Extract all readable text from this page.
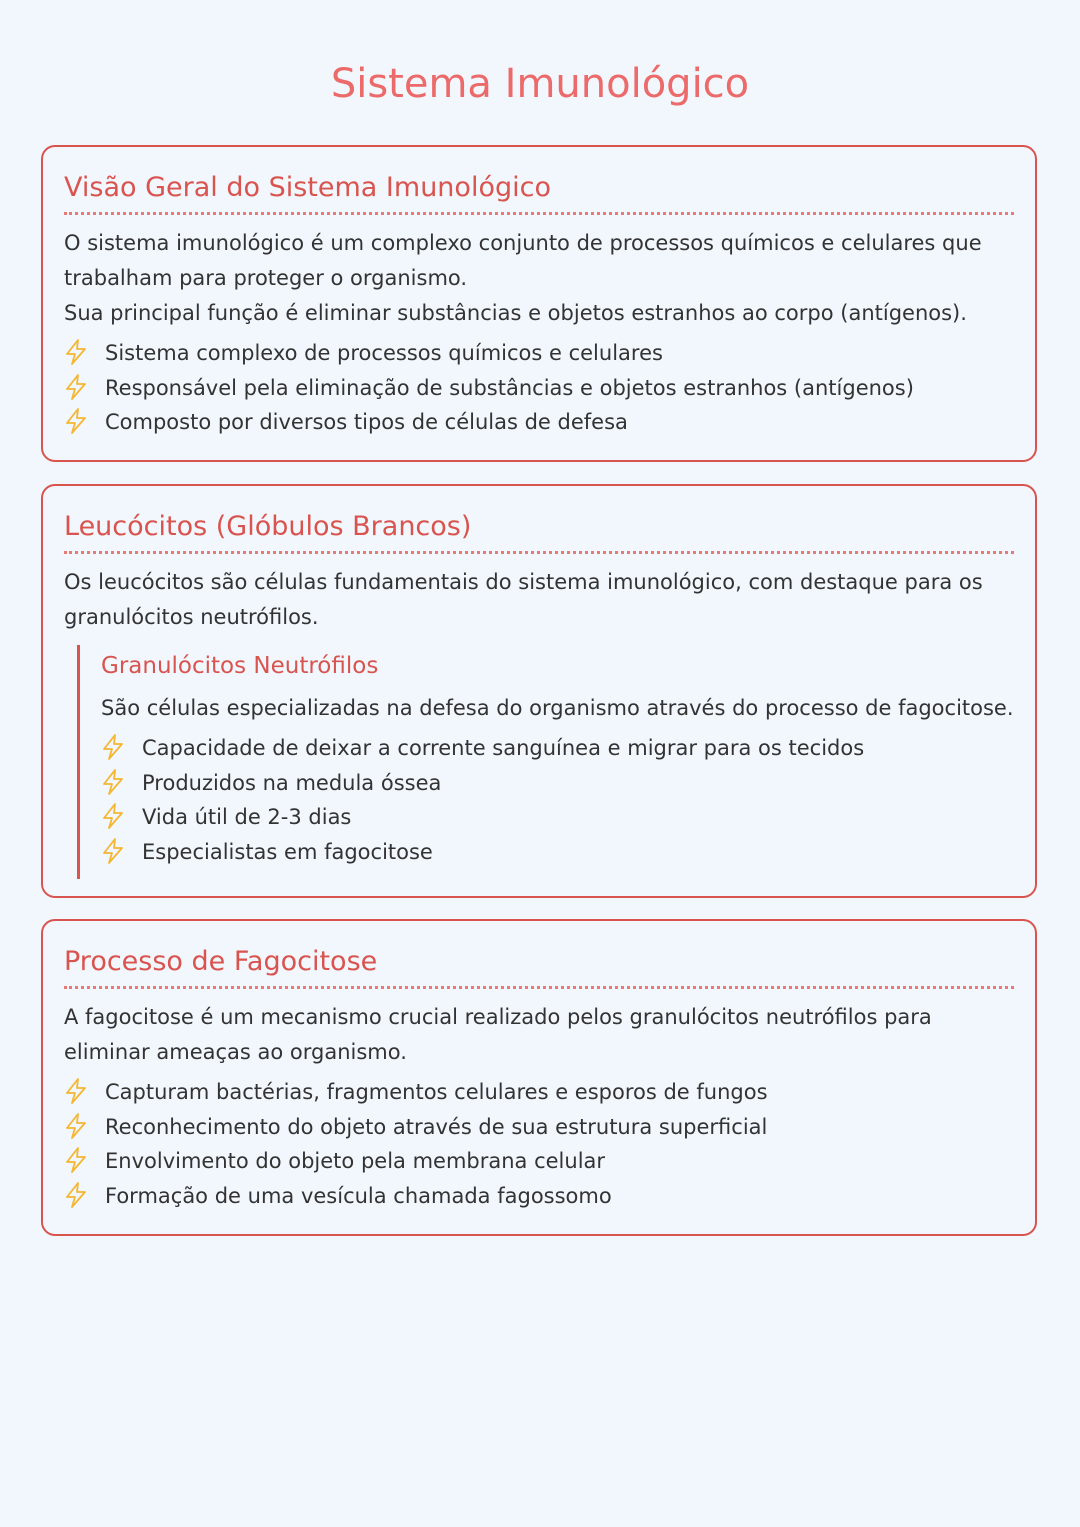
Sistema Imunológico
Visão Geral do Sistema Imunológico

O sistema imunológico é um complexo conjunto de processos químicos e celulares que trabalham para proteger o organismo.

Sua principal função é eliminar substâncias e objetos estranhos ao corpo (antígenos).

Sistema complexo de processos químicos e celulares
Responsável pela eliminação de substâncias e objetos estranhos (antígenos)
Composto por diversos tipos de células de defesa
Leucócitos (Glóbulos Brancos)

Os leucócitos são células fundamentais do sistema imunológico, com destaque para os granulócitos neutrófilos.

Granulócitos Neutrófilos

São células especializadas na defesa do organismo através do processo de fagocitose.

Capacidade de deixar a corrente sanguínea e migrar para os tecidos
Produzidos na medula óssea
Vida útil de 2-3 dias
Especialistas em fagocitose
Processo de Fagocitose

A fagocitose é um mecanismo crucial realizado pelos granulócitos neutrófilos para eliminar ameaças ao organismo.

Capturam bactérias, fragmentos celulares e esporos de fungos
Reconhecimento do objeto através de sua estrutura superficial
Envolvimento do objeto pela membrana celular
Formação de uma vesícula chamada fagossomo
